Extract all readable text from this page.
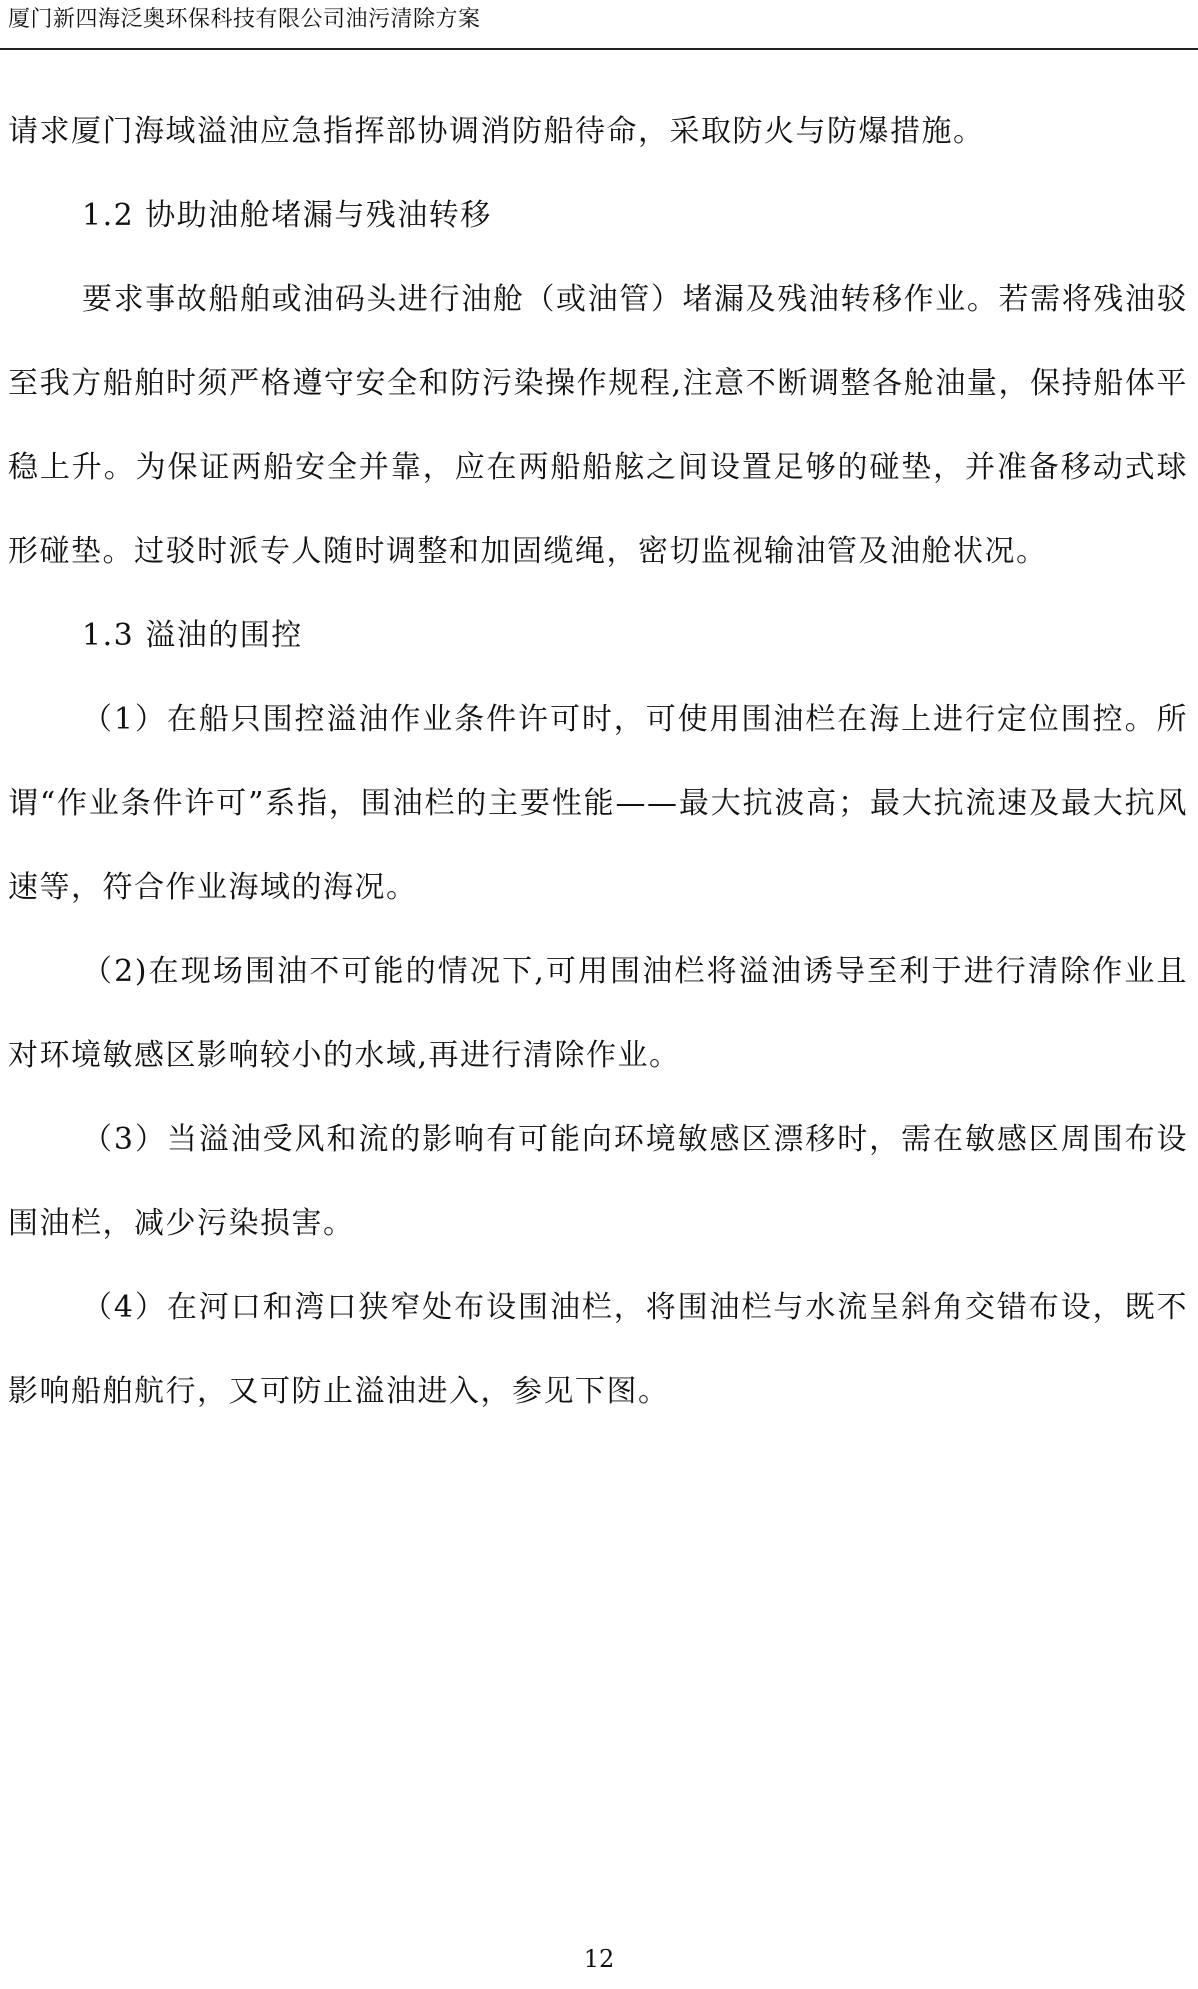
厦门新四海泛奥环保科技有限公司油污清除方案

请求厦门海域溢油应急指挥部协调消防船待命，采取防火与防爆措施。

1.2 协助油舱堵漏与残油转移

要求事故船舶或油码头进行油舱（或油管）堵漏及残油转移作业。若需将残油驳至我方船舶时须严格遵守安全和防污染操作规程,注意不断调整各舱油量，保持船体平稳上升。为保证两船安全并靠，应在两船船舷之间设置足够的碰垫，并准备移动式球形碰垫。过驳时派专人随时调整和加固缆绳，密切监视输油管及油舱状况。

1.3 溢油的围控

（1）在船只围控溢油作业条件许可时，可使用围油栏在海上进行定位围控。所谓“作业条件许可”系指，围油栏的主要性能——最大抗波高；最大抗流速及最大抗风速等，符合作业海域的海况。

（2)在现场围油不可能的情况下,可用围油栏将溢油诱导至利于进行清除作业且对环境敏感区影响较小的水域,再进行清除作业。

（3）当溢油受风和流的影响有可能向环境敏感区漂移时，需在敏感区周围布设围油栏，减少污染损害。

（4）在河口和湾口狭窄处布设围油栏，将围油栏与水流呈斜角交错布设，既不影响船舶航行，又可防止溢油进入，参见下图。

12
